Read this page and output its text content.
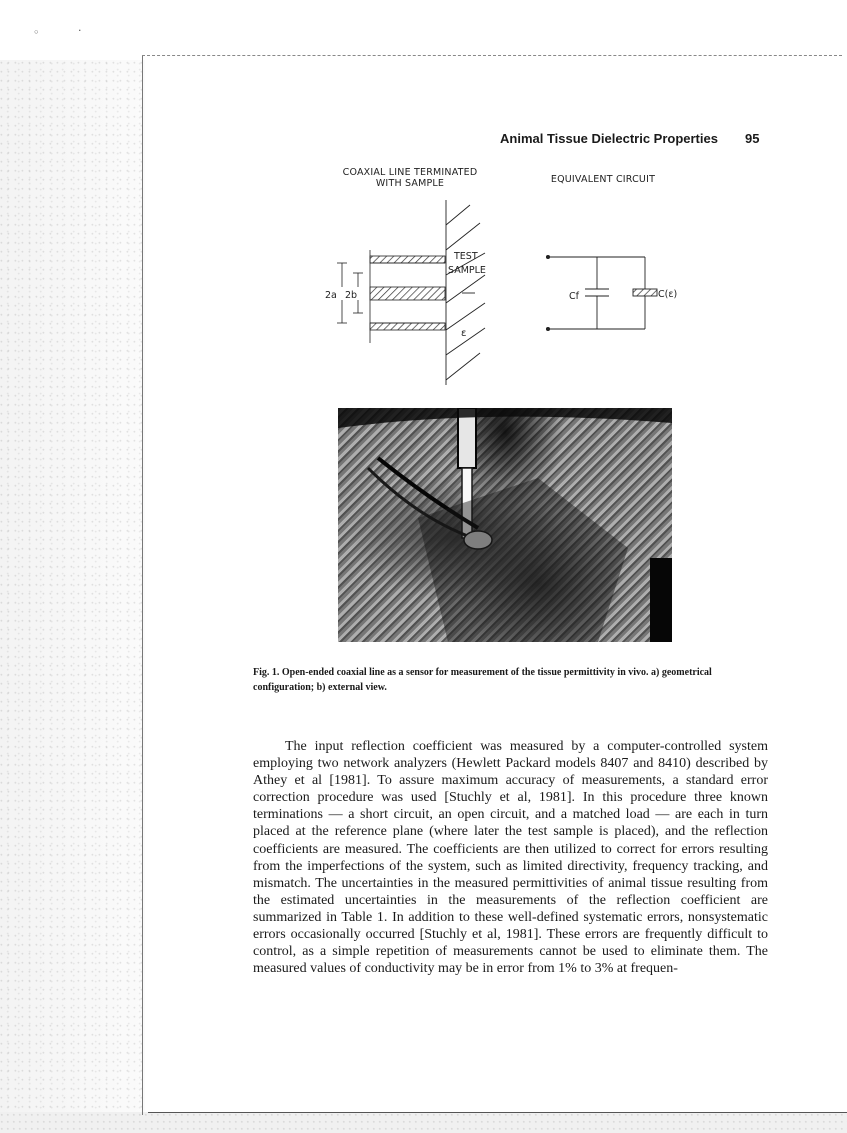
◦	·
Animal Tissue Dielectric Properties 95
COAXIAL LINE TERMINATED
WITH SAMPLE	EQUIVALENT CIRCUIT
TEST
SAMPLE
2a 2b
ε
Cf	C(ε)
Fig. 1. Open-ended coaxial line as a sensor for measurement of the tissue permittivity in vivo. a) geometrical configuration; b) external view.

The input reflection coefficient was measured by a computer-controlled system employing two network analyzers (Hewlett Packard models 8407 and 8410) described by Athey et al [1981]. To assure maximum accuracy of measurements, a standard error correction procedure was used [Stuchly et al, 1981]. In this procedure three known terminations — a short circuit, an open circuit, and a matched load — are each in turn placed at the reference plane (where later the test sample is placed), and the reflection coefficients are measured. The coefficients are then utilized to correct for errors resulting from the imperfections of the system, such as limited directivity, frequency tracking, and mismatch. The uncertainties in the measured permittivities of animal tissue resulting from the estimated uncertainties in the measurements of the reflection coefficient are summarized in Table 1. In addition to these well-defined systematic errors, nonsystematic errors occasionally occurred [Stuchly et al, 1981]. These errors are frequently difficult to control, as a simple repetition of measurements cannot be used to eliminate them. The measured values of conductivity may be in error from 1% to 3% at frequen-
